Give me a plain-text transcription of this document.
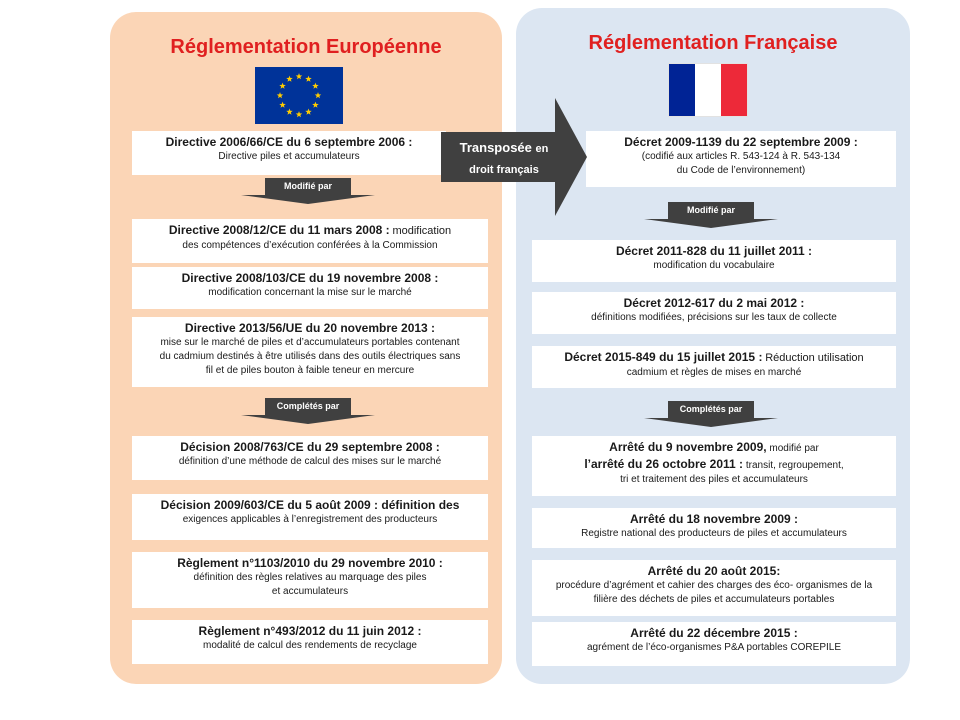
Réglementation Européenne
Directive 2006/66/CE du 6 septembre 2006 :
Directive piles et accumulateurs
Modifié par
Directive 2008/12/CE du 11 mars 2008 : modification
des compétences d’exécution conférées à la Commission
Directive 2008/103/CE du 19 novembre 2008 :
modification concernant la mise sur le marché
Directive 2013/56/UE du 20 novembre 2013 :
mise sur le marché de piles et d’accumulateurs portables contenant
du cadmium destinés à être utilisés dans des outils électriques sans
fil et de piles bouton à faible teneur en mercure
Complétés par
Décision 2008/763/CE du 29 septembre 2008 :
définition d’une méthode de calcul des mises sur le marché
Décision 2009/603/CE du 5 août 2009 : définition des
exigences applicables à l’enregistrement des producteurs
Règlement n°1103/2010 du 29 novembre 2010 :
définition des règles relatives au marquage des piles
et accumulateurs
Règlement n°493/2012 du 11 juin 2012 :
modalité de calcul des rendements de recyclage
Réglementation Française
Décret 2009-1139 du 22 septembre 2009 :
(codifié aux articles R. 543-124 à R. 543-134
du Code de l’environnement)
Modifié par
Décret 2011-828 du 11 juillet 2011 :
modification du vocabulaire
Décret 2012-617 du 2 mai 2012 :
définitions modifiées, précisions sur les taux de collecte
Décret 2015-849 du 15 juillet 2015 : Réduction utilisation
cadmium et règles de mises en marché
Complétés par
Arrêté du 9 novembre 2009, modifié par
l’arrêté du 26 octobre 2011 : transit, regroupement,
tri et traitement des piles et accumulateurs
Arrêté du 18 novembre 2009 :
Registre national des producteurs de piles et accumulateurs
Arrêté du 20 août 2015:
procédure d’agrément et cahier des charges des éco- organismes de la
filière des déchets de piles et accumulateurs portables
Arrêté du 22 décembre 2015 :
agrément de l’éco-organismes P&A portables COREPILE
Transposée en
droit français
